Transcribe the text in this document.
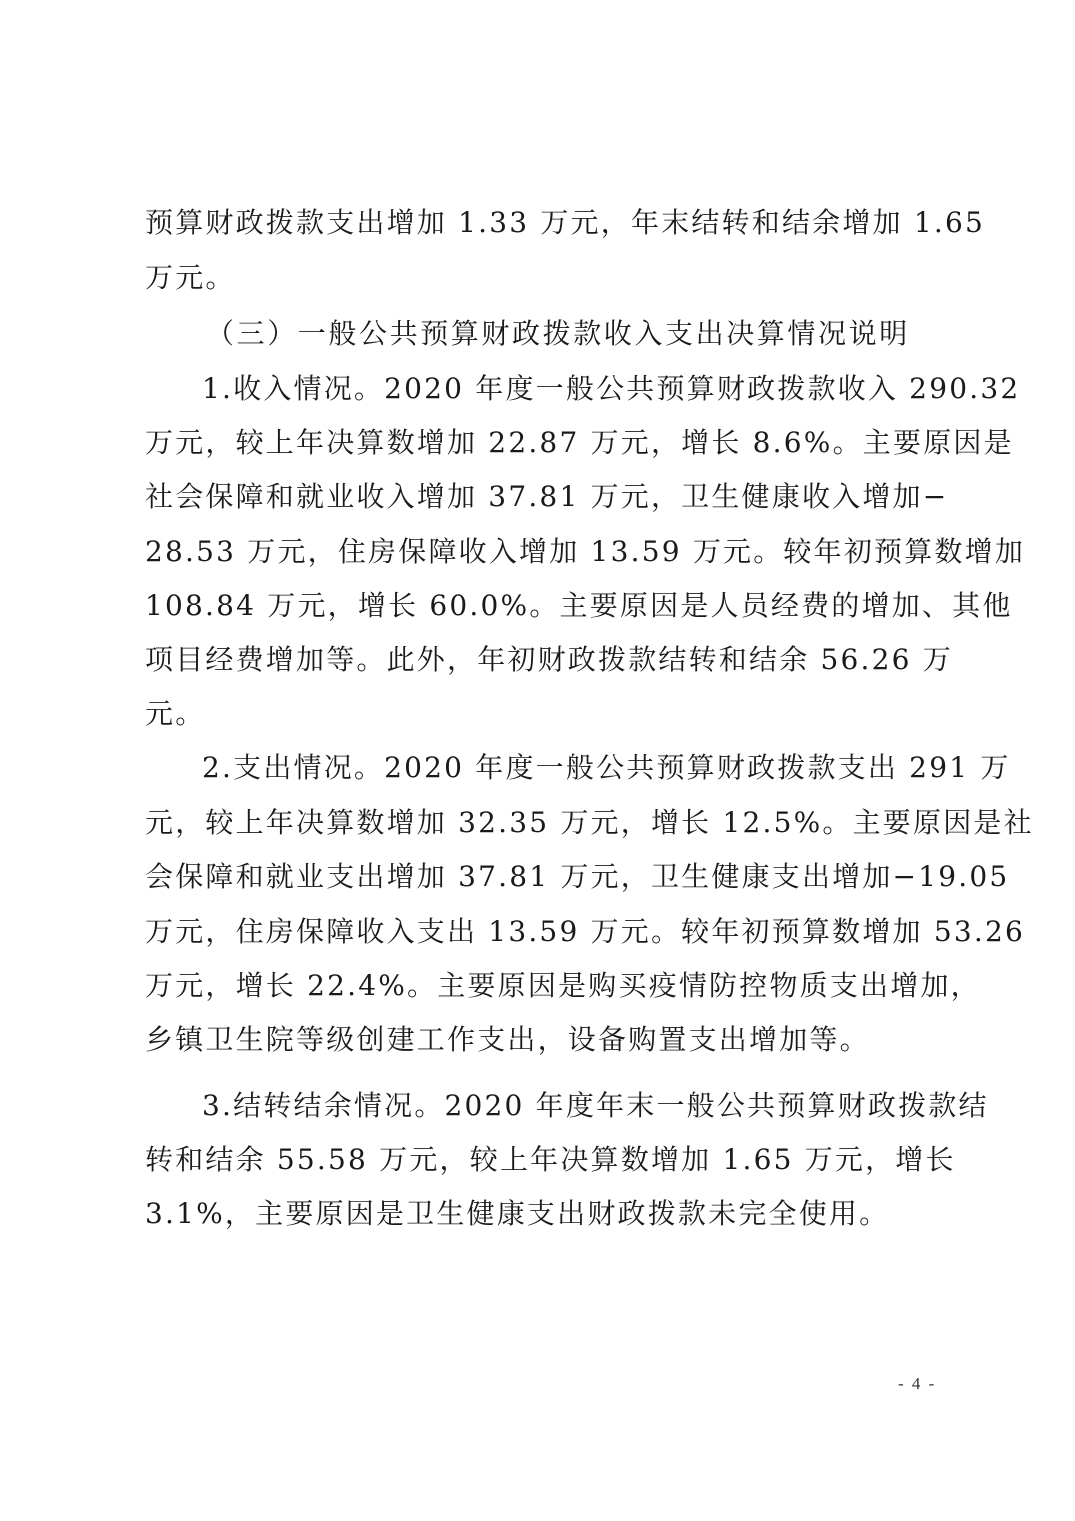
预算财政拨款支出增加 1.33 万元，年末结转和结余增加 1.65
万元。
（三）一般公共预算财政拨款收入支出决算情况说明
1.收入情况。2020 年度一般公共预算财政拨款收入 290.32
万元，较上年决算数增加 22.87 万元，增长 8.6%。主要原因是
社会保障和就业收入增加 37.81 万元，卫生健康收入增加−
28.53 万元，住房保障收入增加 13.59 万元。较年初预算数增加
108.84 万元，增长 60.0%。主要原因是人员经费的增加、其他
项目经费增加等。此外，年初财政拨款结转和结余 56.26 万
元。
2.支出情况。2020 年度一般公共预算财政拨款支出 291 万
元，较上年决算数增加 32.35 万元，增长 12.5%。主要原因是社
会保障和就业支出增加 37.81 万元，卫生健康支出增加−19.05
万元，住房保障收入支出 13.59 万元。较年初预算数增加 53.26
万元，增长 22.4%。主要原因是购买疫情防控物质支出增加，
乡镇卫生院等级创建工作支出，设备购置支出增加等。
3.结转结余情况。2020 年度年末一般公共预算财政拨款结
转和结余 55.58 万元，较上年决算数增加 1.65 万元，增长
3.1%，主要原因是卫生健康支出财政拨款未完全使用。
- 4 -
